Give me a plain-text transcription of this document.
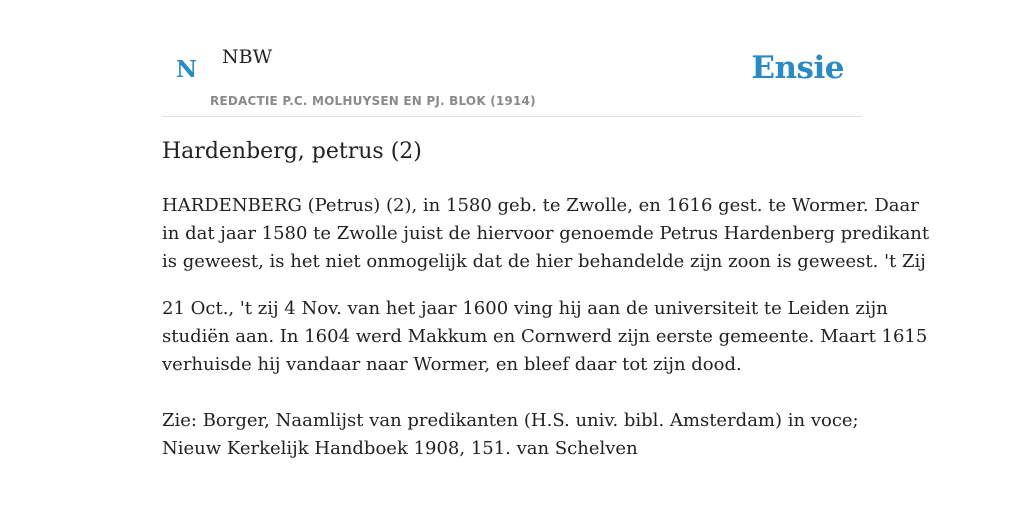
N NBW
REDACTIE P.C. MOLHUYSEN EN PJ. BLOK (1914)
Ensie
Hardenberg, petrus (2)

HARDENBERG (Petrus) (2), in 1580 geb. te Zwolle, en 1616 gest. te Wormer. Daar
in dat jaar 1580 te Zwolle juist de hiervoor genoemde Petrus Hardenberg predikant
is geweest, is het niet onmogelijk dat de hier behandelde zijn zoon is geweest. 't Zij

21 Oct., 't zij 4 Nov. van het jaar 1600 ving hij aan de universiteit te Leiden zijn
studiën aan. In 1604 werd Makkum en Cornwerd zijn eerste gemeente. Maart 1615
verhuisde hij vandaar naar Wormer, en bleef daar tot zijn dood.

Zie: Borger, Naamlijst van predikanten (H.S. univ. bibl. Amsterdam) in voce;
Nieuw Kerkelijk Handboek 1908, 151. van Schelven
